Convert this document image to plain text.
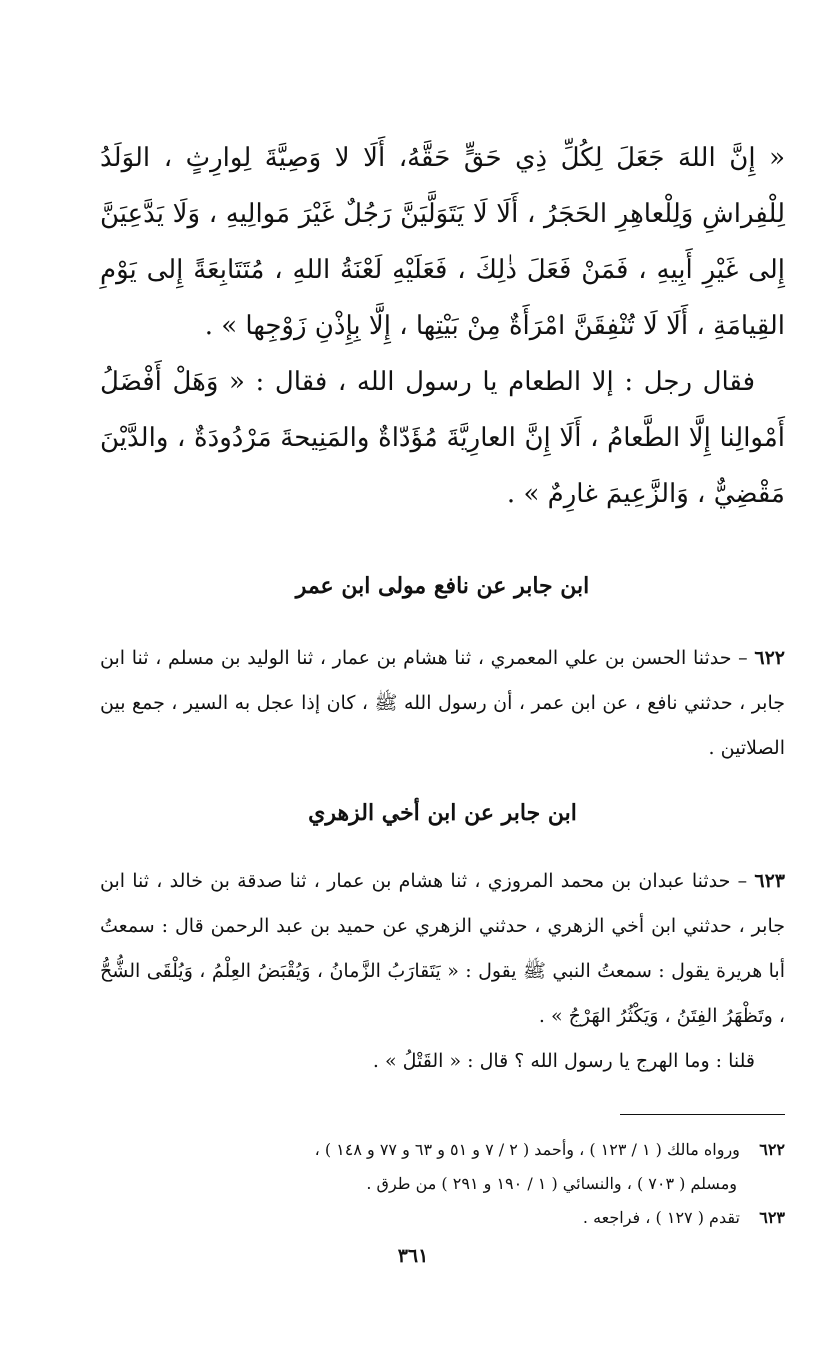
« إِنَّ اللهَ جَعَلَ لِكُلِّ ذِي حَقٍّ حَقَّهُ، أَلَا لا وَصِيَّةَ لِوارِثٍ ، الوَلَدُ لِلْفِراشِ وَلِلْعاهِرِ الحَجَرُ ، أَلَا لَا يَتَوَلَّيَنَّ رَجُلٌ غَيْرَ مَوالِيهِ ، وَلَا يَدَّعِيَنَّ إِلى غَيْرِ أَبِيهِ ، فَمَنْ فَعَلَ ذٰلِكَ ، فَعَلَيْهِ لَعْنَةُ اللهِ ، مُتَتَابِعَةً إِلى يَوْمِ القِيامَةِ ، أَلَا لَا تُنْفِقَنَّ امْرَأَةٌ مِنْ بَيْتِها ، إِلَّا بِإِذْنِ زَوْجِها » .

فقال رجل : إلا الطعام يا رسول الله ، فقال : « وَهَلْ أَفْضَلُ أَمْوالِنا إِلَّا الطَّعامُ ، أَلَا إِنَّ العارِيَّةَ مُؤَدّاةٌ والمَنِيحةَ مَرْدُودَةٌ ، والدَّيْنَ مَقْضِيٌّ ، وَالزَّعِيمَ غارِمٌ » .

ابن جابر عن نافع مولى ابن عمر

٦٢٢ – حدثنا الحسن بن علي المعمري ، ثنا هشام بن عمار ، ثنا الوليد بن مسلم ، ثنا ابن جابر ، حدثني نافع ، عن ابن عمر ، أن رسول الله ﷺ ، كان إذا عجل به السير ، جمع بين الصلاتين .

ابن جابر عن ابن أخي الزهري

٦٢٣ – حدثنا عبدان بن محمد المروزي ، ثنا هشام بن عمار ، ثنا صدقة بن خالد ، ثنا ابن جابر ، حدثني ابن أخي الزهري ، حدثني الزهري عن حميد بن عبد الرحمن قال : سمعتُ أبا هريرة يقول : سمعتُ النبي ﷺ يقول : « يَتَقارَبُ الزَّمانُ ، وَيُقْبَضُ العِلْمُ ، وَيُلْقَى الشُّحُّ ، وتَظْهَرُ الفِتَنُ ، وَيَكْثُرُ الهَرْجُ » .

قلنا : وما الهرج يا رسول الله ؟ قال : « القَتْلُ » .

٦٢٢ ورواه مالك ( ١ / ١٢٣ ) ، وأحمد ( ٢ / ٧ و ٥١ و ٦٣ و ٧٧ و ١٤٨ ) ،

ومسلم ( ٧٠٣ ) ، والنسائي ( ١ / ١٩٠ و ٢٩١ ) من طرق .

٦٢٣ تقدم ( ١٢٧ ) ، فراجعه .

٣٦١
